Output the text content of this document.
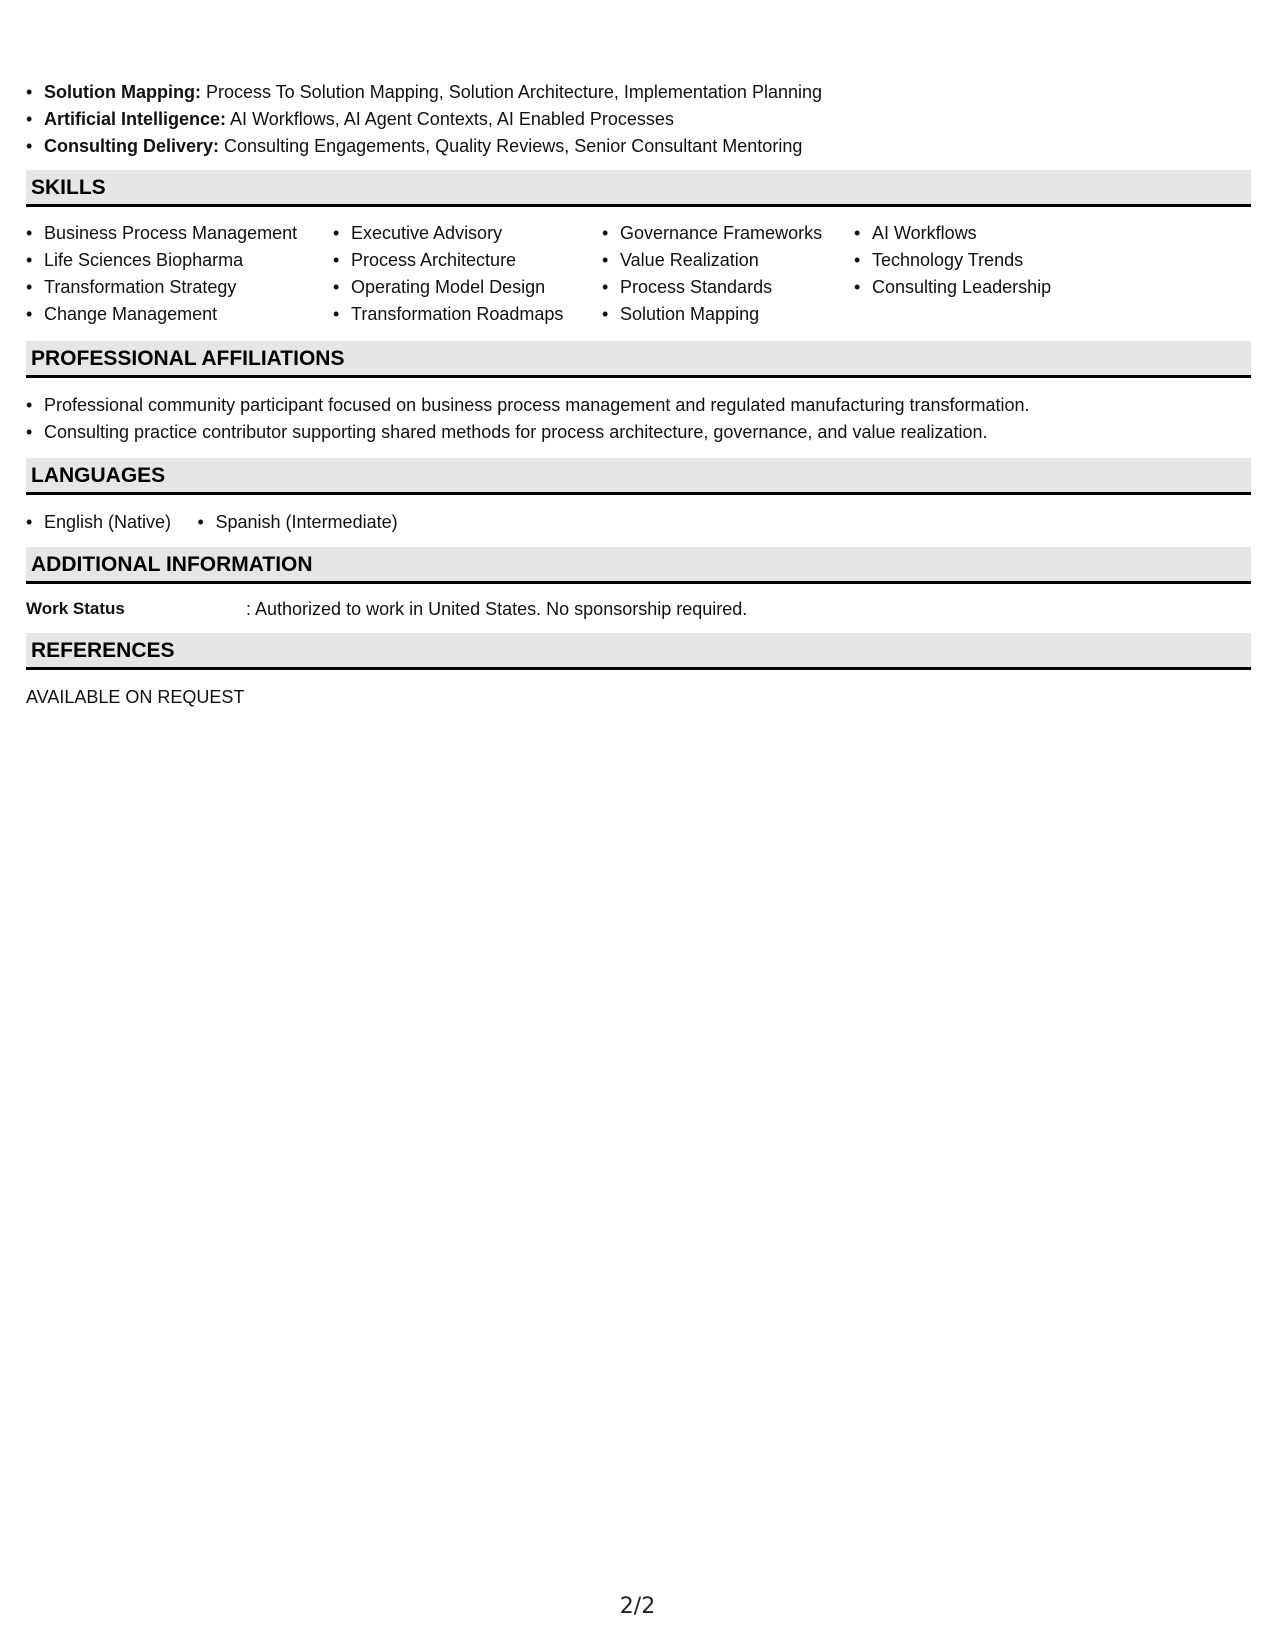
• Solution Mapping: Process To Solution Mapping, Solution Architecture, Implementation Planning
• Artificial Intelligence: AI Workflows, AI Agent Contexts, AI Enabled Processes
• Consulting Delivery: Consulting Engagements, Quality Reviews, Senior Consultant Mentoring
SKILLS
• Business Process Management
• Life Sciences Biopharma
• Transformation Strategy
• Change Management
• Executive Advisory
• Process Architecture
• Operating Model Design
• Transformation Roadmaps
• Governance Frameworks
• Value Realization
• Process Standards
• Solution Mapping
• AI Workflows
• Technology Trends
• Consulting Leadership
PROFESSIONAL AFFILIATIONS
• Professional community participant focused on business process management and regulated manufacturing transformation.
• Consulting practice contributor supporting shared methods for process architecture, governance, and value realization.
LANGUAGES
• English (Native) • Spanish (Intermediate)
ADDITIONAL INFORMATION
Work Status	: Authorized to work in United States. No sponsorship required.
REFERENCES
AVAILABLE ON REQUEST
2/2
